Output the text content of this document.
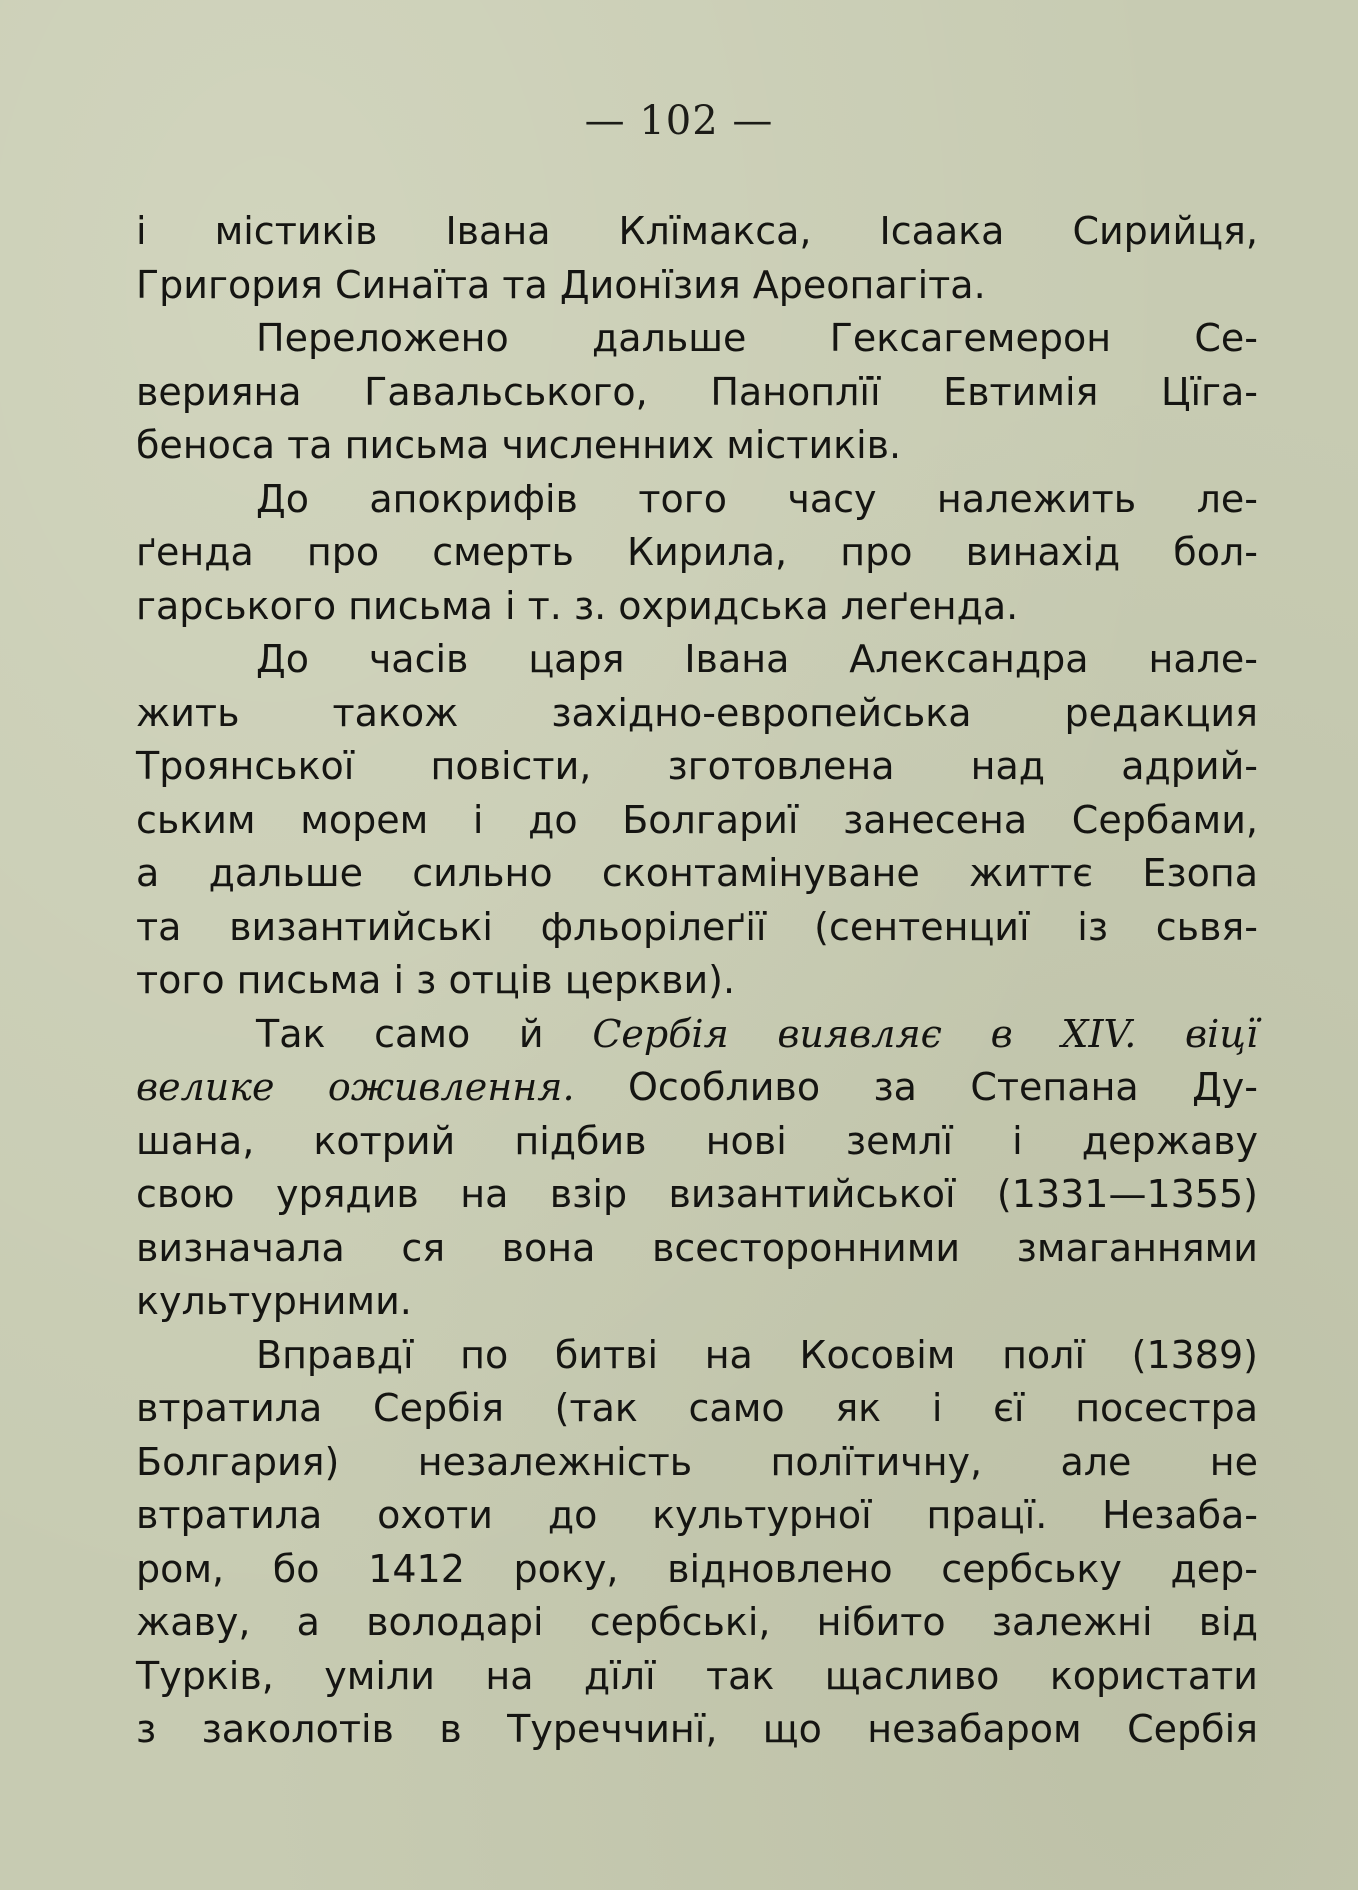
— 102 —
і містиків Івана Клїмакса, Ісаака Сирийця,
Григория Синаїта та Дионїзия Ареопагіта.
Переложено дальше Гексагемерон Се-
верияна Гавальського, Паноплїї Евтимія Цїга-
беноса та письма численних містиків.
До апокрифів того часу належить ле-
ґенда про смерть Кирила, про винахід бол-
гарського письма і т. з. охридська леґенда.
До часів царя Івана Александра нале-
жить також західно-европейська редакция
Троянської повісти, зготовлена над адрий-
ським морем і до Болгариї занесена Сербами,
а дальше сильно сконтамінуване життє Езопа
та византийські фльорілеґії (сентенциї із сьвя-
того письма і з отців церкви).
Так само й Сербія виявляє в XIV. віцї
велике оживлення. Особливо за Степана Ду-
шана, котрий підбив нові землї і державу
свою урядив на взір византийської (1331—1355)
визначала ся вона всесторонними змаганнями
культурними.
Вправдї по битві на Косовім полї (1389)
втратила Сербія (так само як і єї посестра
Болгария) незалежність полїтичну, але не
втратила охоти до культурної працї. Незаба-
ром, бо 1412 року, відновлено сербську дер-
жаву, а володарі сербські, нібито залежні від
Турків, уміли на дїлї так щасливо користати
з заколотів в Туреччинї, що незабаром Сербія
